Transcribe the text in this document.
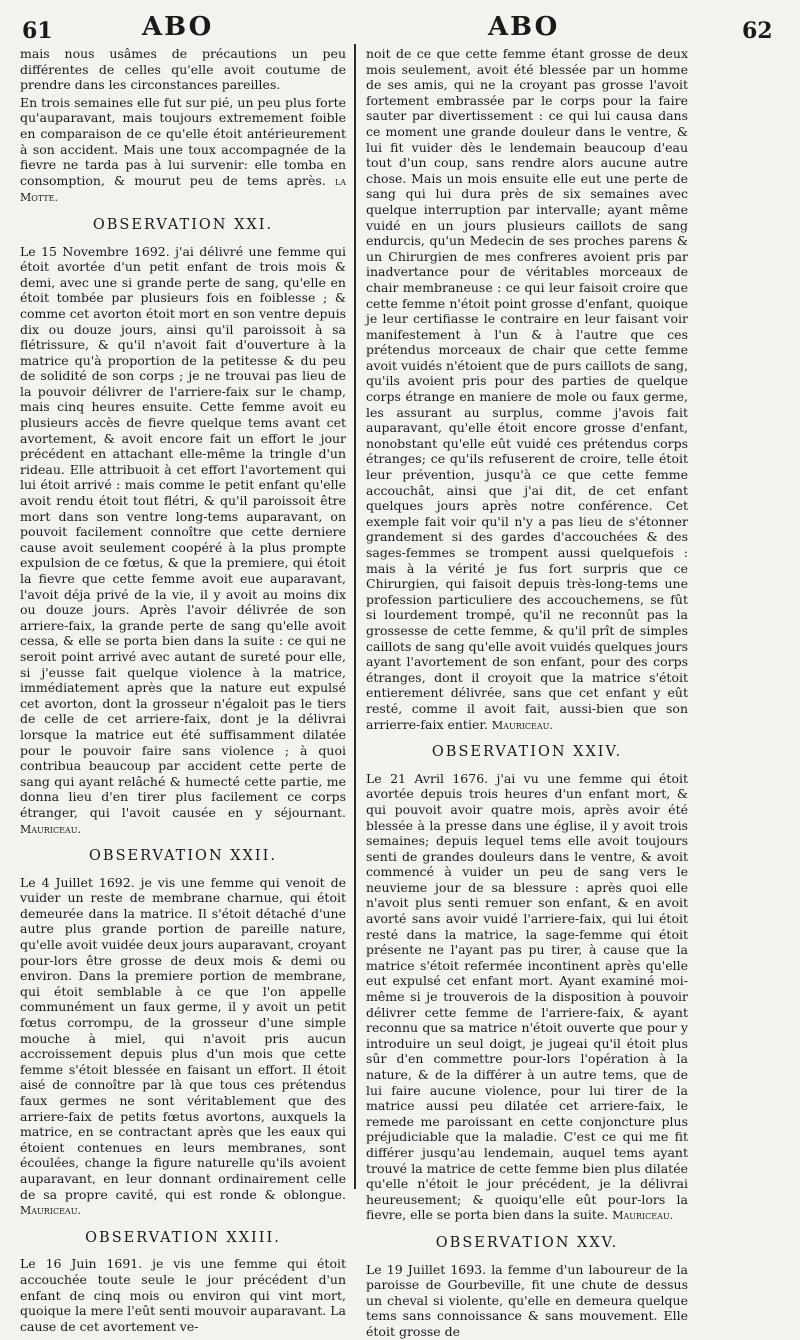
61	ABO	ABO	62

mais nous usâmes de précautions un peu différentes de celles qu'elle avoit coutume de prendre dans les circonstances pareilles.

En trois semaines elle fut sur pié, un peu plus forte qu'auparavant, mais toujours extremement foible en comparaison de ce qu'elle étoit antérieurement à son accident. Mais une toux accompagnée de la fievre ne tarda pas à lui survenir: elle tomba en consomption, & mourut peu de tems après. la Motte.

OBSERVATION XXI.

Le 15 Novembre 1692. j'ai délivré une femme qui étoit avortée d'un petit enfant de trois mois & demi, avec une si grande perte de sang, qu'elle en étoit tombée par plusieurs fois en foiblesse ; & comme cet avorton étoit mort en son ventre depuis dix ou douze jours, ainsi qu'il paroissoit à sa flétrissure, & qu'il n'avoit fait d'ouverture à la matrice qu'à proportion de la petitesse & du peu de solidité de son corps ; je ne trouvai pas lieu de la pouvoir délivrer de l'arriere-faix sur le champ, mais cinq heures ensuite. Cette femme avoit eu plusieurs accès de fievre quelque tems avant cet avortement, & avoit encore fait un effort le jour précédent en attachant elle-même la tringle d'un rideau. Elle attribuoit à cet effort l'avortement qui lui étoit arrivé : mais comme le petit enfant qu'elle avoit rendu étoit tout flétri, & qu'il paroissoit être mort dans son ventre long-tems auparavant, on pouvoit facilement connoître que cette derniere cause avoit seulement coopéré à la plus prompte expulsion de ce fœtus, & que la premiere, qui étoit la fievre que cette femme avoit eue auparavant, l'avoit déja privé de la vie, il y avoit au moins dix ou douze jours. Après l'avoir délivrée de son arriere-faix, la grande perte de sang qu'elle avoit cessa, & elle se porta bien dans la suite : ce qui ne seroit point arrivé avec autant de sureté pour elle, si j'eusse fait quelque violence à la matrice, immédiatement après que la nature eut expulsé cet avorton, dont la grosseur n'égaloit pas le tiers de celle de cet arriere-faix, dont je la délivrai lorsque la matrice eut été suffisamment dilatée pour le pouvoir faire sans violence ; à quoi contribua beaucoup par accident cette perte de sang qui ayant relâché & humecté cette partie, me donna lieu d'en tirer plus facilement ce corps étranger, qui l'avoit causée en y séjournant. Mauriceau.

OBSERVATION XXII.

Le 4 Juillet 1692. je vis une femme qui venoit de vuider un reste de membrane charnue, qui étoit demeurée dans la matrice. Il s'étoit détaché d'une autre plus grande portion de pareille nature, qu'elle avoit vuidée deux jours auparavant, croyant pour-lors être grosse de deux mois & demi ou environ. Dans la premiere portion de membrane, qui étoit semblable à ce que l'on appelle communément un faux germe, il y avoit un petit fœtus corrompu, de la grosseur d'une simple mouche à miel, qui n'avoit pris aucun accroissement depuis plus d'un mois que cette femme s'étoit blessée en faisant un effort. Il étoit aisé de connoître par là que tous ces prétendus faux germes ne sont véritablement que des arriere-faix de petits fœtus avortons, auxquels la matrice, en se contractant après que les eaux qui étoient contenues en leurs membranes, sont écoulées, change la figure naturelle qu'ils avoient auparavant, en leur donnant ordinairement celle de sa propre cavité, qui est ronde & oblongue. Mauriceau.

OBSERVATION XXIII.

Le 16 Juin 1691. je vis une femme qui étoit accouchée toute seule le jour précédent d'un enfant de cinq mois ou environ qui vint mort, quoique la mere l'eût senti mouvoir auparavant. La cause de cet avortement ve-

noit de ce que cette femme étant grosse de deux mois seulement, avoit été blessée par un homme de ses amis, qui ne la croyant pas grosse l'avoit fortement embrassée par le corps pour la faire sauter par divertissement : ce qui lui causa dans ce moment une grande douleur dans le ventre, & lui fit vuider dès le lendemain beaucoup d'eau tout d'un coup, sans rendre alors aucune autre chose. Mais un mois ensuite elle eut une perte de sang qui lui dura près de six semaines avec quelque interruption par intervalle; ayant même vuidé en un jours plusieurs caillots de sang endurcis, qu'un Medecin de ses proches parens & un Chirurgien de mes confreres avoient pris par inadvertance pour de véritables morceaux de chair membraneuse : ce qui leur faisoit croire que cette femme n'étoit point grosse d'enfant, quoique je leur certifiasse le contraire en leur faisant voir manifestement à l'un & à l'autre que ces prétendus morceaux de chair que cette femme avoit vuidés n'étoient que de purs caillots de sang, qu'ils avoient pris pour des parties de quelque corps étrange en maniere de mole ou faux germe, les assurant au surplus, comme j'avois fait auparavant, qu'elle étoit encore grosse d'enfant, nonobstant qu'elle eût vuidé ces prétendus corps étranges; ce qu'ils refuserent de croire, telle étoit leur prévention, jusqu'à ce que cette femme accouchât, ainsi que j'ai dit, de cet enfant quelques jours après notre conférence. Cet exemple fait voir qu'il n'y a pas lieu de s'étonner grandement si des gardes d'accouchées & des sages-femmes se trompent aussi quelquefois : mais à la vérité je fus fort surpris que ce Chirurgien, qui faisoit depuis très-long-tems une profession particuliere des accouchemens, se fût si lourdement trompé, qu'il ne reconnût pas la grossesse de cette femme, & qu'il prît de simples caillots de sang qu'elle avoit vuidés quelques jours ayant l'avortement de son enfant, pour des corps étranges, dont il croyoit que la matrice s'étoit entierement délivrée, sans que cet enfant y eût resté, comme il avoit fait, aussi-bien que son arrierre-faix entier. Mauriceau.

OBSERVATION XXIV.

Le 21 Avril 1676. j'ai vu une femme qui étoit avortée depuis trois heures d'un enfant mort, & qui pouvoit avoir quatre mois, après avoir été blessée à la presse dans une église, il y avoit trois semaines; depuis lequel tems elle avoit toujours senti de grandes douleurs dans le ventre, & avoit commencé à vuider un peu de sang vers le neuvieme jour de sa blessure : après quoi elle n'avoit plus senti remuer son enfant, & en avoit avorté sans avoir vuidé l'arriere-faix, qui lui étoit resté dans la matrice, la sage-femme qui étoit présente ne l'ayant pas pu tirer, à cause que la matrice s'étoit refermée incontinent après qu'elle eut expulsé cet enfant mort. Ayant examiné moi-même si je trouverois de la disposition à pouvoir délivrer cette femme de l'arriere-faix, & ayant reconnu que sa matrice n'étoit ouverte que pour y introduire un seul doigt, je jugeai qu'il étoit plus sûr d'en commettre pour-lors l'opération à la nature, & de la différer à un autre tems, que de lui faire aucune violence, pour lui tirer de la matrice aussi peu dilatée cet arriere-faix, le remede me paroissant en cette conjoncture plus préjudiciable que la maladie. C'est ce qui me fit différer jusqu'au lendemain, auquel tems ayant trouvé la matrice de cette femme bien plus dilatée qu'elle n'étoit le jour précédent, je la délivrai heureusement; & quoiqu'elle eût pour-lors la fievre, elle se porta bien dans la suite. Mauriceau.

OBSERVATION XXV.

Le 19 Juillet 1693. la femme d'un laboureur de la paroisse de Gourbeville, fit une chute de dessus un cheval si violente, qu'elle en demeura quelque tems sans connoissance & sans mouvement. Elle étoit grosse de
